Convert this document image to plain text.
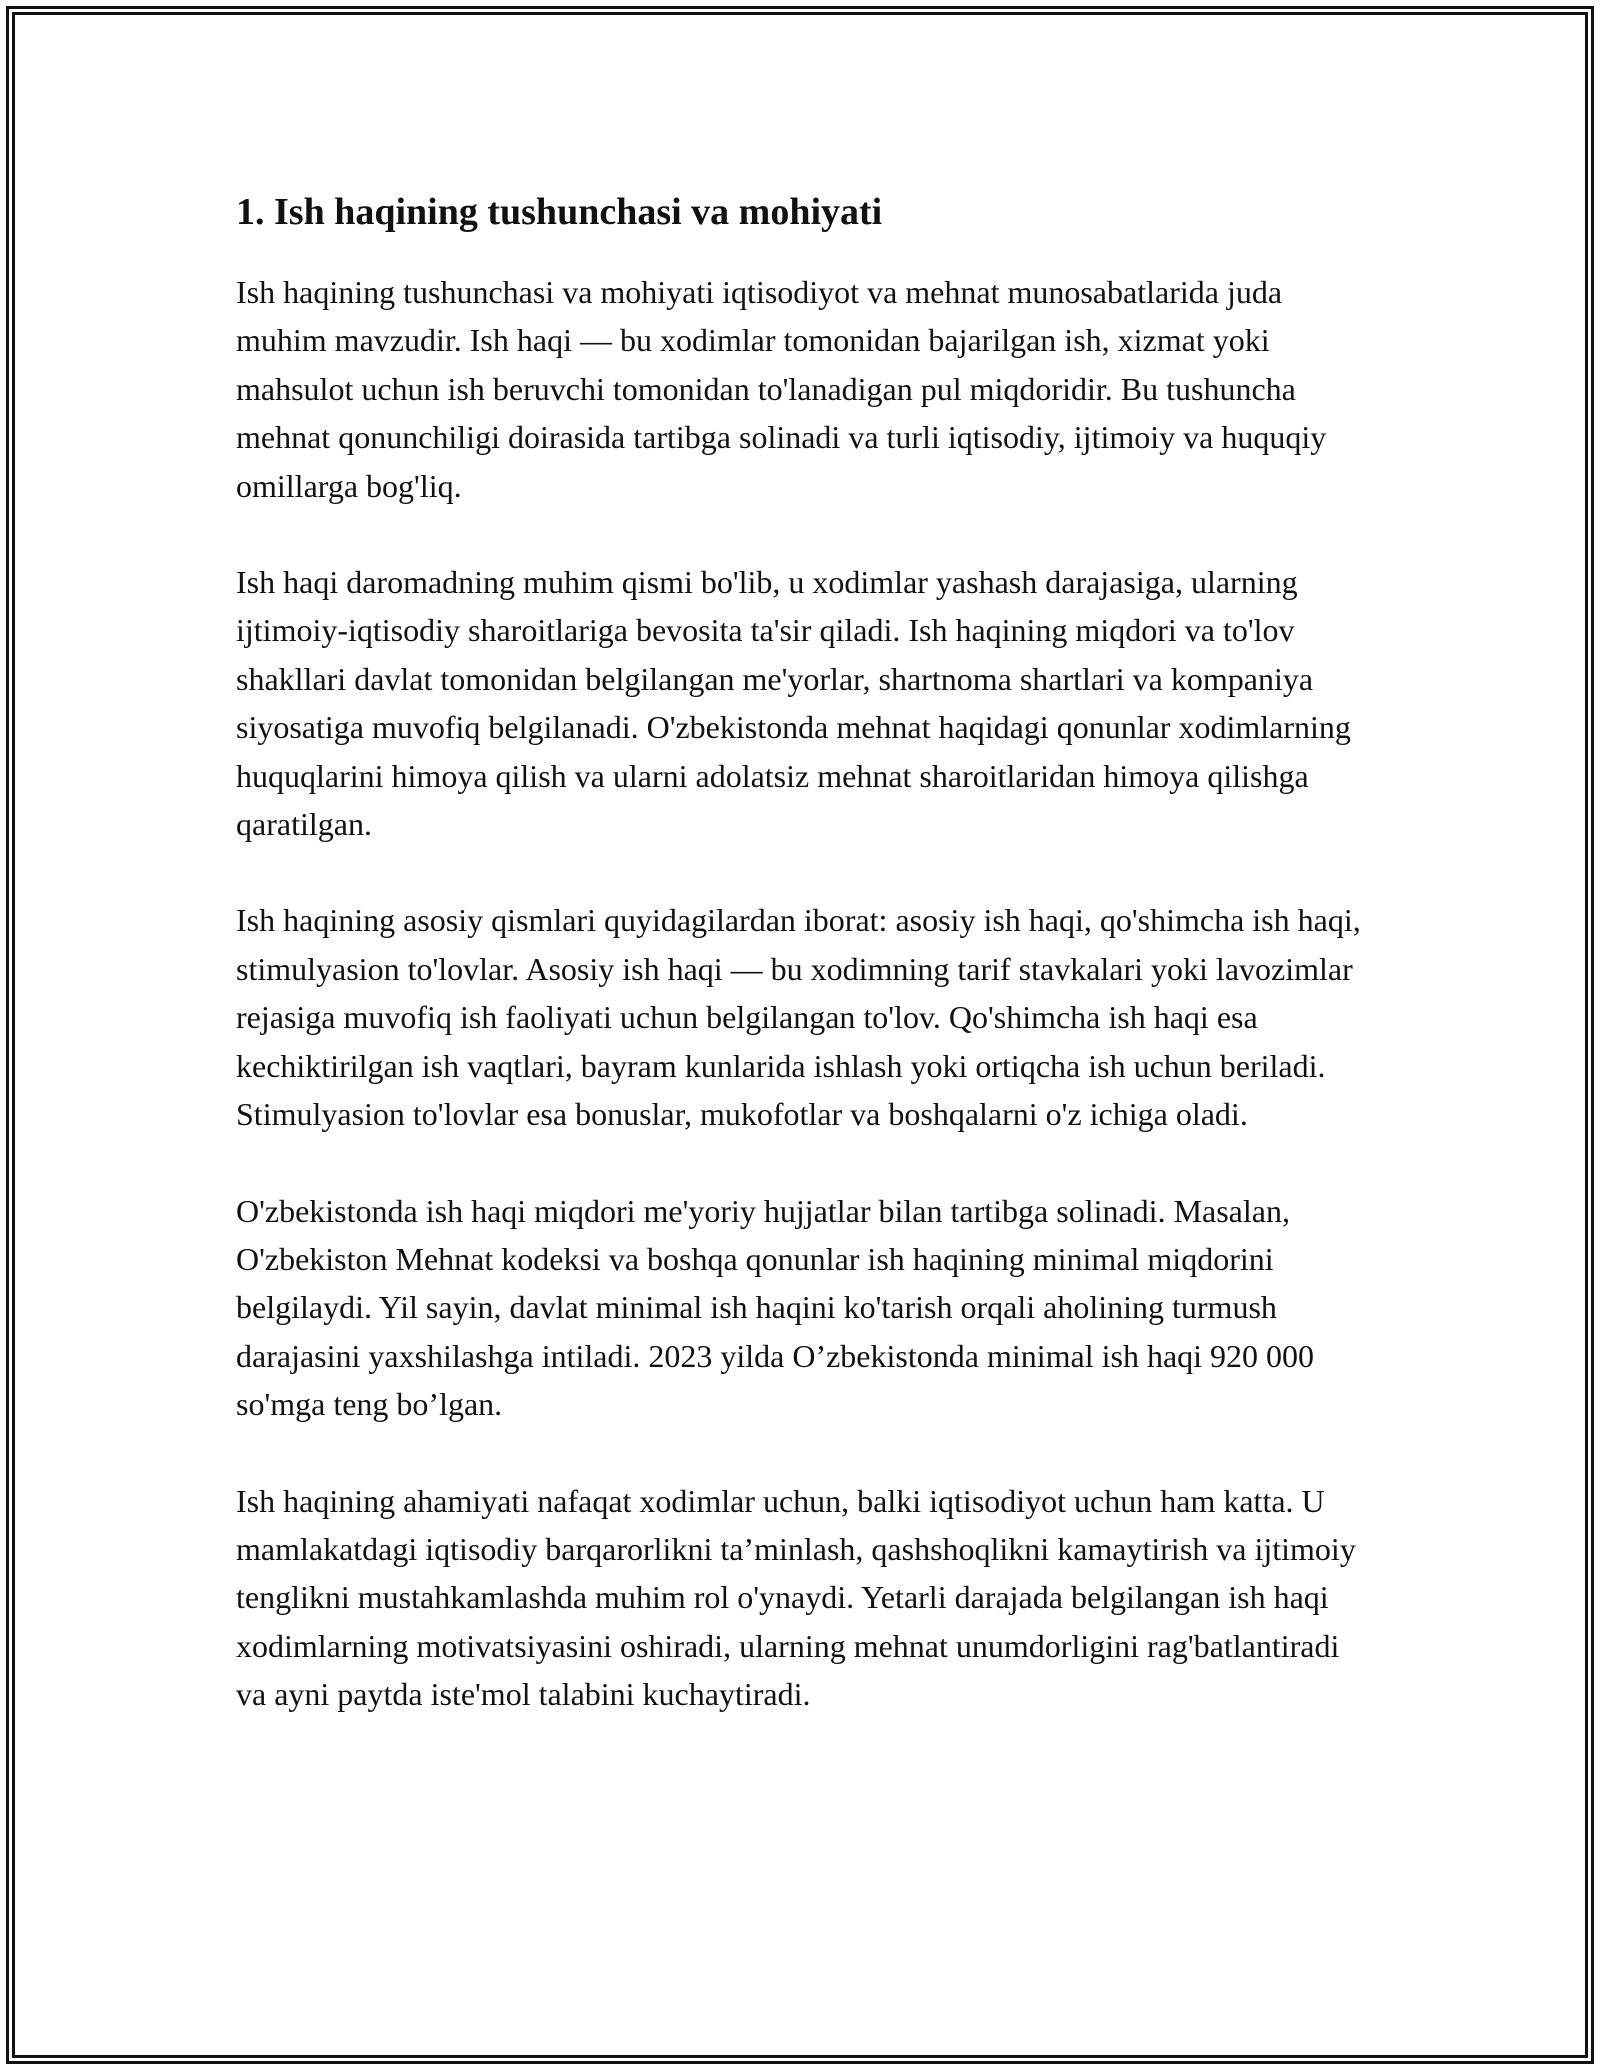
1. Ish haqining tushunchasi va mohiyati

Ish haqining tushunchasi va mohiyati iqtisodiyot va mehnat munosabatlarida juda muhim mavzudir. Ish haqi — bu xodimlar tomonidan bajarilgan ish, xizmat yoki mahsulot uchun ish beruvchi tomonidan to'lanadigan pul miqdoridir. Bu tushuncha mehnat qonunchiligi doirasida tartibga solinadi va turli iqtisodiy, ijtimoiy va huquqiy omillarga bog'liq.

Ish haqi daromadning muhim qismi bo'lib, u xodimlar yashash darajasiga, ularning ijtimoiy-iqtisodiy sharoitlariga bevosita ta'sir qiladi. Ish haqining miqdori va to'lov shakllari davlat tomonidan belgilangan me'yorlar, shartnoma shartlari va kompaniya siyosatiga muvofiq belgilanadi. O'zbekistonda mehnat haqidagi qonunlar xodimlarning huquqlarini himoya qilish va ularni adolatsiz mehnat sharoitlaridan himoya qilishga qaratilgan.

Ish haqining asosiy qismlari quyidagilardan iborat: asosiy ish haqi, qo'shimcha ish haqi, stimulyasion to'lovlar. Asosiy ish haqi — bu xodimning tarif stavkalari yoki lavozimlar rejasiga muvofiq ish faoliyati uchun belgilangan to'lov. Qo'shimcha ish haqi esa kechiktirilgan ish vaqtlari, bayram kunlarida ishlash yoki ortiqcha ish uchun beriladi. Stimulyasion to'lovlar esa bonuslar, mukofotlar va boshqalarni o'z ichiga oladi.

O'zbekistonda ish haqi miqdori me'yoriy hujjatlar bilan tartibga solinadi. Masalan, O'zbekiston Mehnat kodeksi va boshqa qonunlar ish haqining minimal miqdorini belgilaydi. Yil sayin, davlat minimal ish haqini ko'tarish orqali aholining turmush darajasini yaxshilashga intiladi. 2023 yilda O’zbekistonda minimal ish haqi 920 000 so'mga teng bo’lgan.

Ish haqining ahamiyati nafaqat xodimlar uchun, balki iqtisodiyot uchun ham katta. U mamlakatdagi iqtisodiy barqarorlikni ta’minlash, qashshoqlikni kamaytirish va ijtimoiy tenglikni mustahkamlashda muhim rol o'ynaydi. Yetarli darajada belgilangan ish haqi xodimlarning motivatsiyasini oshiradi, ularning mehnat unumdorligini rag'batlantiradi va ayni paytda iste'mol talabini kuchaytiradi.
